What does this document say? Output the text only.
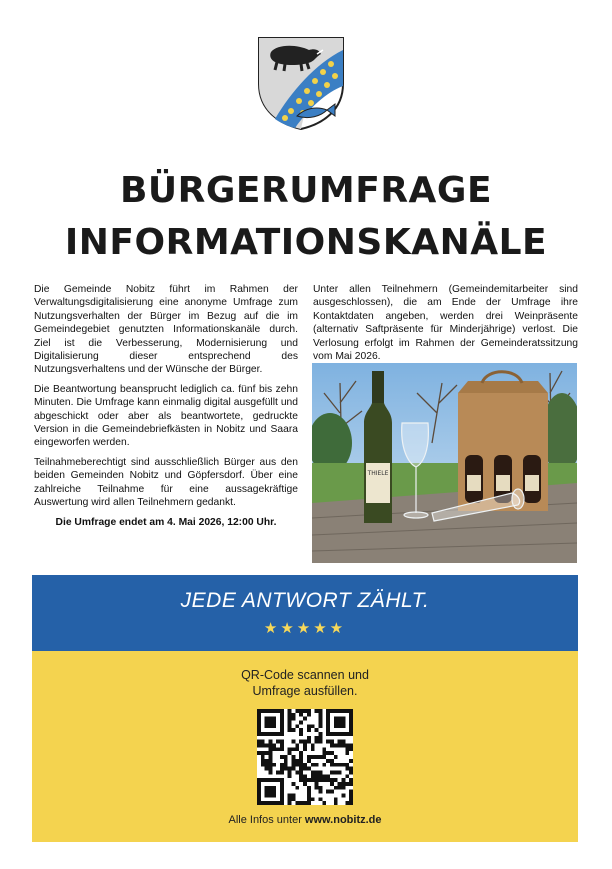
BÜRGERUMFRAGE
INFORMATIONSKANÄLE

Die Gemeinde Nobitz führt im Rahmen der Verwaltungsdigitalisierung eine anonyme Umfrage zum Nutzungsverhalten der Bürger im Bezug auf die im Gemeindegebiet genutzten Informationskanäle durch. Ziel ist die Verbesserung, Modernisierung und Digitalisierung dieser entsprechend des Nutzungsverhaltens und der Wünsche der Bürger.

Die Beantwortung beansprucht lediglich ca. fünf bis zehn Minuten. Die Umfrage kann einmalig digital ausgefüllt und abgeschickt oder aber als beantwortete, gedruckte Version in die Gemeindebriefkästen in Nobitz und Saara eingeworfen werden.

Teilnahmeberechtigt sind ausschließlich Bürger aus den beiden Gemeinden Nobitz und Göpfersdorf. Über eine zahlreiche Teilnahme für eine aussagekräftige Auswertung wird allen Teilnehmern gedankt.

Die Umfrage endet am 4. Mai 2026, 12:00 Uhr.

Unter allen Teilnehmern (Gemeindemitarbeiter sind ausgeschlossen), die am Ende der Umfrage ihre Kontaktdaten angeben, werden drei Weinpräsente (alternativ Saftpräsente für Minderjährige) verlost. Die Verlosung erfolgt im Rahmen der Gemeinderatssitzung vom Mai 2026.

THIELE
JEDE ANTWORT ZÄHLT.
★★★★★
QR-Code scannen und
Umfrage ausfüllen.
Alle Infos unter www.nobitz.de
